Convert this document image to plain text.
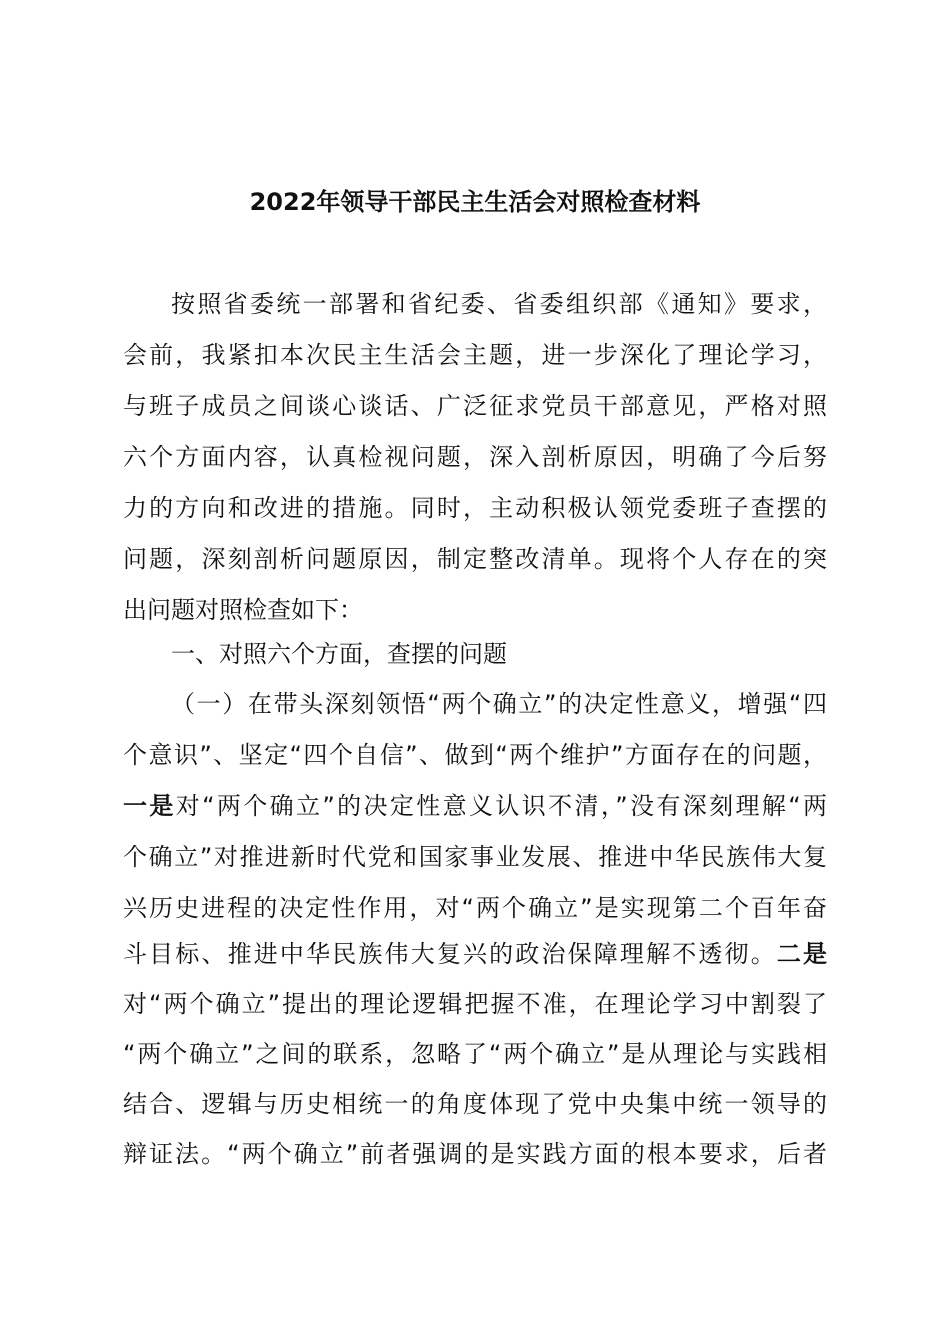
2022年领导干部民主生活会对照检查材料
按照省委统一部署和省纪委、省委组织部《通知》要求，
会前，我紧扣本次民主生活会主题，进一步深化了理论学习，
与班子成员之间谈心谈话、广泛征求党员干部意见，严格对照
六个方面内容，认真检视问题，深入剖析原因，明确了今后努
力的方向和改进的措施。同时，主动积极认领党委班子查摆的
问题，深刻剖析问题原因，制定整改清单。现将个人存在的突
出问题对照检查如下：
一、对照六个方面，查摆的问题
（一）在带头深刻领悟“两个确立”的决定性意义，增强“四
个意识”、坚定“四个自信”、做到“两个维护”方面存在的问题，
一是对“两个确立”的决定性意义认识不清，”没有深刻理解“两
个确立”对推进新时代党和国家事业发展、推进中华民族伟大复
兴历史进程的决定性作用，对“两个确立”是实现第二个百年奋
斗目标、推进中华民族伟大复兴的政治保障理解不透彻。二是
对“两个确立”提出的理论逻辑把握不准，在理论学习中割裂了
“两个确立”之间的联系，忽略了“两个确立”是从理论与实践相
结合、逻辑与历史相统一的角度体现了党中央集中统一领导的
辩证法。“两个确立”前者强调的是实践方面的根本要求，后者
